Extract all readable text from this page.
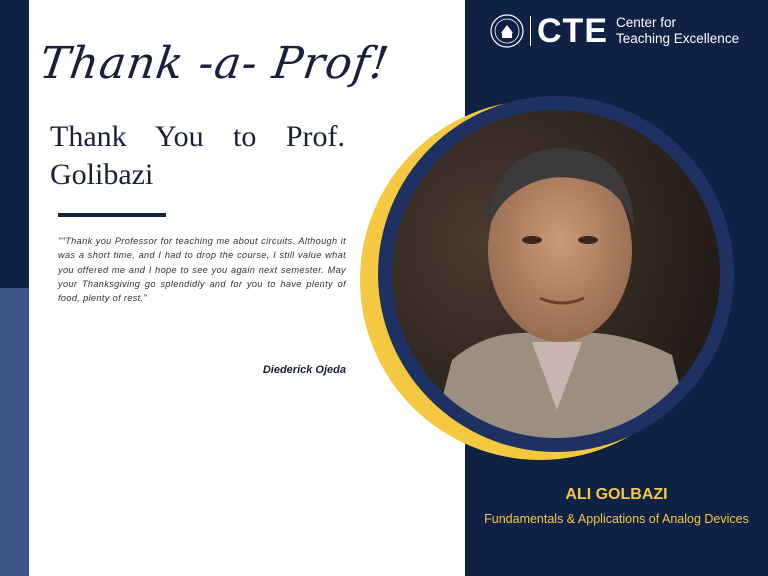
Thank -a- Prof!
Thank You to Prof. Golibazi
""Thank you Professor for teaching me about circuits. Although it was a short time, and I had to drop the course, I still value what you offered me and I hope to see you again next semester. May your Thanksgiving go splendidly and for you to have plenty of food, plenty of rest."
Diederick Ojeda
CTE Center for
Teaching Excellence
ALI GOLBAZI
Fundamentals & Applications of Analog Devices
